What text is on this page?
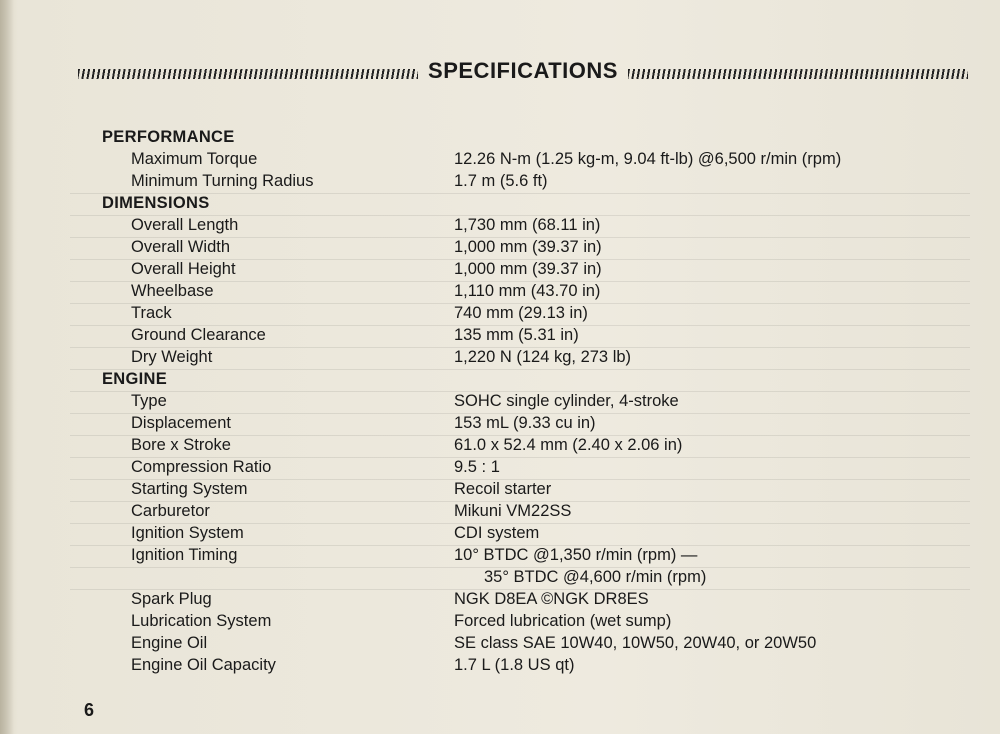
SPECIFICATIONS
PERFORMANCE
Maximum Torque	12.26 N-m (1.25 kg-m, 9.04 ft-lb) @6,500 r/min (rpm)
Minimum Turning Radius	1.7 m (5.6 ft)
DIMENSIONS
Overall Length	1,730 mm (68.11 in)
Overall Width	1,000 mm (39.37 in)
Overall Height	1,000 mm (39.37 in)
Wheelbase	1,110 mm (43.70 in)
Track	740 mm (29.13 in)
Ground Clearance	135 mm (5.31 in)
Dry Weight	1,220 N (124 kg, 273 lb)
ENGINE
Type	SOHC single cylinder, 4-stroke
Displacement	153 mL (9.33 cu in)
Bore x Stroke	61.0 x 52.4 mm (2.40 x 2.06 in)
Compression Ratio	9.5 : 1
Starting System	Recoil starter
Carburetor	Mikuni VM22SS
Ignition System	CDI system
Ignition Timing	10° BTDC @1,350 r/min (rpm) —
35° BTDC @4,600 r/min (rpm)
Spark Plug	NGK D8EA ©NGK DR8ES
Lubrication System	Forced lubrication (wet sump)
Engine Oil	SE class SAE 10W40, 10W50, 20W40, or 20W50
Engine Oil Capacity	1.7 L (1.8 US qt)
6
